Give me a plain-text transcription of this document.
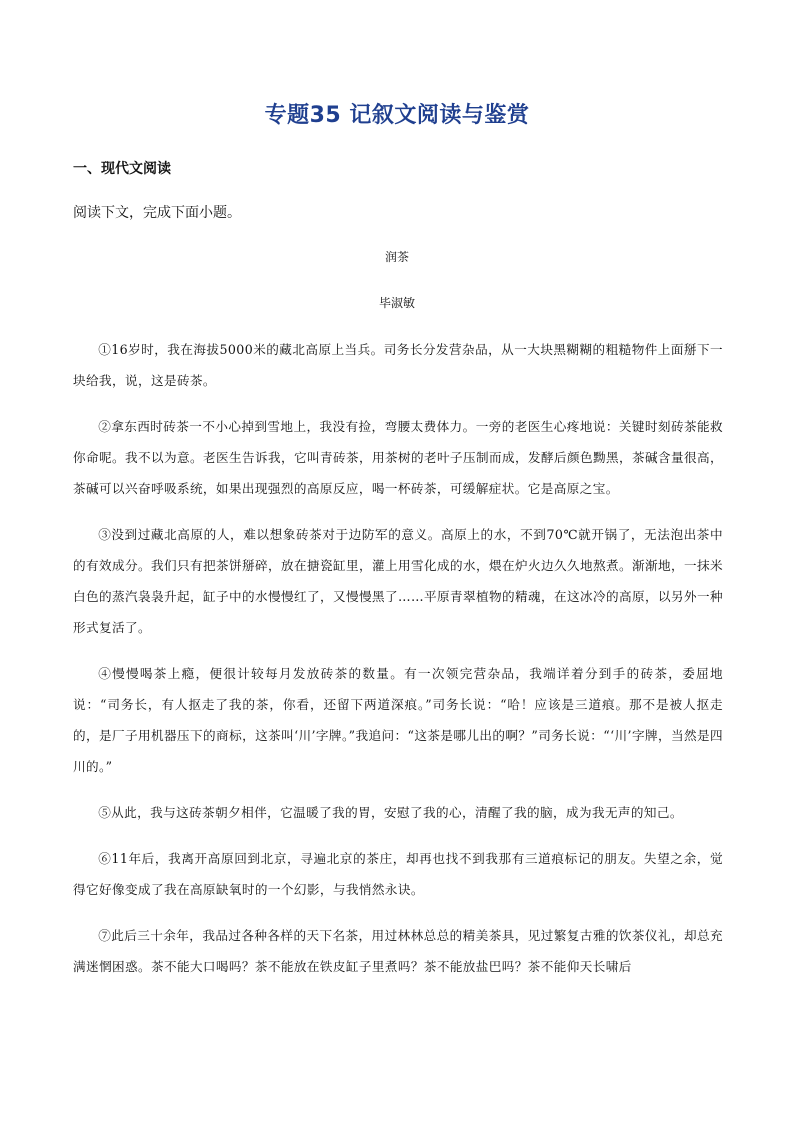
专题35 记叙文阅读与鉴赏
一、现代文阅读
阅读下文，完成下面小题。
润茶
毕淑敏

①16岁时，我在海拔5000米的藏北高原上当兵。司务长分发营杂品，从一大块黑糊糊的粗糙物件上面掰下一块给我，说，这是砖茶。

②拿东西时砖茶一不小心掉到雪地上，我没有捡，弯腰太费体力。一旁的老医生心疼地说：关键时刻砖茶能救你命呢。我不以为意。老医生告诉我，它叫青砖茶，用茶树的老叶子压制而成，发酵后颜色黝黑，茶碱含量很高，茶碱可以兴奋呼吸系统，如果出现强烈的高原反应，喝一杯砖茶，可缓解症状。它是高原之宝。

③没到过藏北高原的人，难以想象砖茶对于边防军的意义。高原上的水，不到70℃就开锅了，无法泡出茶中的有效成分。我们只有把茶饼掰碎，放在搪瓷缸里，灌上用雪化成的水，煨在炉火边久久地熬煮。渐渐地，一抹米白色的蒸汽袅袅升起，缸子中的水慢慢红了，又慢慢黑了……平原青翠植物的精魂，在这冰冷的高原，以另外一种形式复活了。

④慢慢喝茶上瘾，便很计较每月发放砖茶的数量。有一次领完营杂品，我端详着分到手的砖茶，委屈地说：“司务长，有人抠走了我的茶，你看，还留下两道深痕。”司务长说：“哈！应该是三道痕。那不是被人抠走的，是厂子用机器压下的商标，这茶叫‘川’字牌。”我追问：“这茶是哪儿出的啊？”司务长说：“‘川’字牌，当然是四川的。”

⑤从此，我与这砖茶朝夕相伴，它温暖了我的胃，安慰了我的心，清醒了我的脑，成为我无声的知己。

⑥11年后，我离开高原回到北京，寻遍北京的茶庄，却再也找不到我那有三道痕标记的朋友。失望之余，觉得它好像变成了我在高原缺氧时的一个幻影，与我悄然永诀。

⑦此后三十余年，我品过各种各样的天下名茶，用过林林总总的精美茶具，见过繁复古雅的饮茶仪礼，却总充满迷惘困惑。茶不能大口喝吗？茶不能放在铁皮缸子里煮吗？茶不能放盐巴吗？茶不能仰天长啸后
